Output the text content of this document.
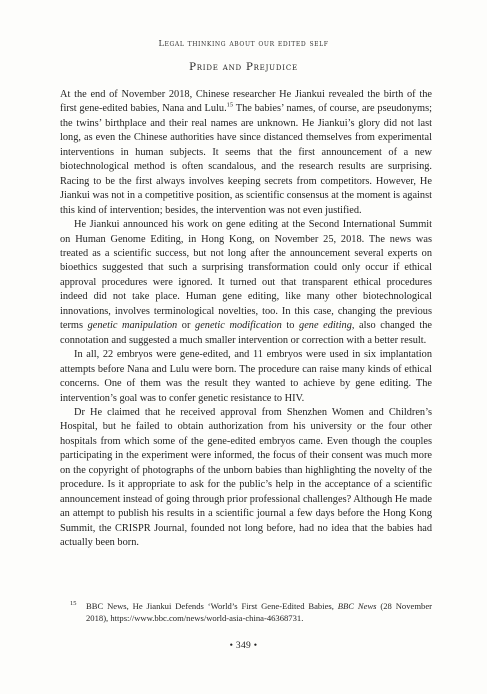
Legal thinking about our edited self
Pride and Prejudice

At the end of November 2018, Chinese researcher He Jiankui revealed the birth of the first gene-edited babies, Nana and Lulu.$^{15}$ The babies’ names, of course, are pseudonyms; the twins’ birthplace and their real names are unknown. He Jiankui’s glory did not last long, as even the Chinese authorities have since distanced themselves from experimental interventions in human subjects. It seems that the first announcement of a new biotechnological method is often scandalous, and the research results are surprising. Racing to be the first always involves keeping secrets from competitors. However, He Jiankui was not in a competitive position, as scientific consensus at the moment is against this kind of intervention; besides, the intervention was not even justified.

He Jiankui announced his work on gene editing at the Second International Summit on Human Genome Editing, in Hong Kong, on November 25, 2018. The news was treated as a scientific success, but not long after the announcement several experts on bioethics suggested that such a surprising transformation could only occur if ethical approval procedures were ignored. It turned out that transparent ethical procedures indeed did not take place. Human gene editing, like many other biotechnological innovations, involves terminological novelties, too. In this case, changing the previous terms genetic manipulation or genetic modification to gene editing, also changed the connotation and suggested a much smaller intervention or correction with a better result.

In all, 22 embryos were gene-edited, and 11 embryos were used in six implantation attempts before Nana and Lulu were born. The procedure can raise many kinds of ethical concerns. One of them was the result they wanted to achieve by gene editing. The intervention’s goal was to confer genetic resistance to HIV.

Dr He claimed that he received approval from Shenzhen Women and Children’s Hospital, but he failed to obtain authorization from his university or the four other hospitals from which some of the gene-edited embryos came. Even though the couples participating in the experiment were informed, the focus of their consent was much more on the copyright of photographs of the unborn babies than highlighting the novelty of the procedure. Is it appropriate to ask for the public’s help in the acceptance of a scientific announcement instead of going through prior professional challenges? Although He made an attempt to publish his results in a scientific journal a few days before the Hong Kong Summit, the CRISPR Journal, founded not long before, had no idea that the babies had actually been born.

15 BBC News, He Jiankui Defends ‘World’s First Gene-Edited Babies, BBC News (28 November 2018), https://www.bbc.com/news/world-asia-china-46368731.
• 349 •
